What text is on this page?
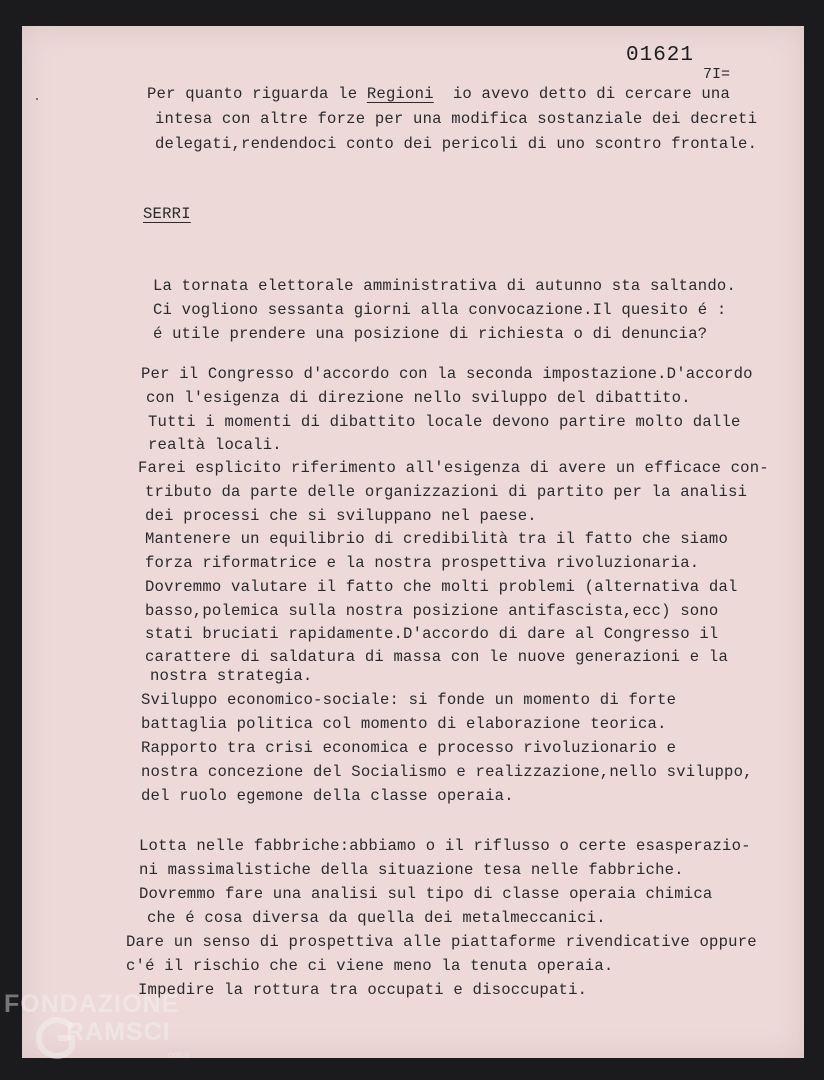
01621
7I=
Per quanto riguarda le Regioni  io avevo detto di cercare una
intesa con altre forze per una modifica sostanziale dei decreti
delegati,rendendoci conto dei pericoli di uno scontro frontale.
SERRI
La tornata elettorale amministrativa di autunno sta saltando.
Ci vogliono sessanta giorni alla convocazione.Il quesito é :
é utile prendere una posizione di richiesta o di denuncia?
Per il Congresso d'accordo con la seconda impostazione.D'accordo
con l'esigenza di direzione nello sviluppo del dibattito.
Tutti i momenti di dibattito locale devono partire molto dalle
realtà locali.
Farei esplicito riferimento all'esigenza di avere un efficace con-
tributo da parte delle organizzazioni di partito per la analisi
dei processi che si sviluppano nel paese.
Mantenere un equilibrio di credibilità tra il fatto che siamo
forza riformatrice e la nostra prospettiva rivoluzionaria.
Dovremmo valutare il fatto che molti problemi (alternativa dal
basso,polemica sulla nostra posizione antifascista,ecc) sono
stati bruciati rapidamente.D'accordo di dare al Congresso il
carattere di saldatura di massa con le nuove generazioni e la
nostra strategia.
Sviluppo economico-sociale: si fonde un momento di forte
battaglia politica col momento di elaborazione teorica.
Rapporto tra crisi economica e processo rivoluzionario e
nostra concezione del Socialismo e realizzazione,nello sviluppo,
del ruolo egemone della classe operaia.
Lotta nelle fabbriche:abbiamo o il riflusso o certe esasperazio-
ni massimalistiche della situazione tesa nelle fabbriche.
Dovremmo fare una analisi sul tipo di classe operaia chimica
che é cosa diversa da quella dei metalmeccanici.
Dare un senso di prospettiva alle piattaforme rivendicative oppure
c'é il rischio che ci viene meno la tenuta operaia.
Impedire la rottura tra occupati e disoccupati.
FONDAZIONE
RAMSCI
onlus
